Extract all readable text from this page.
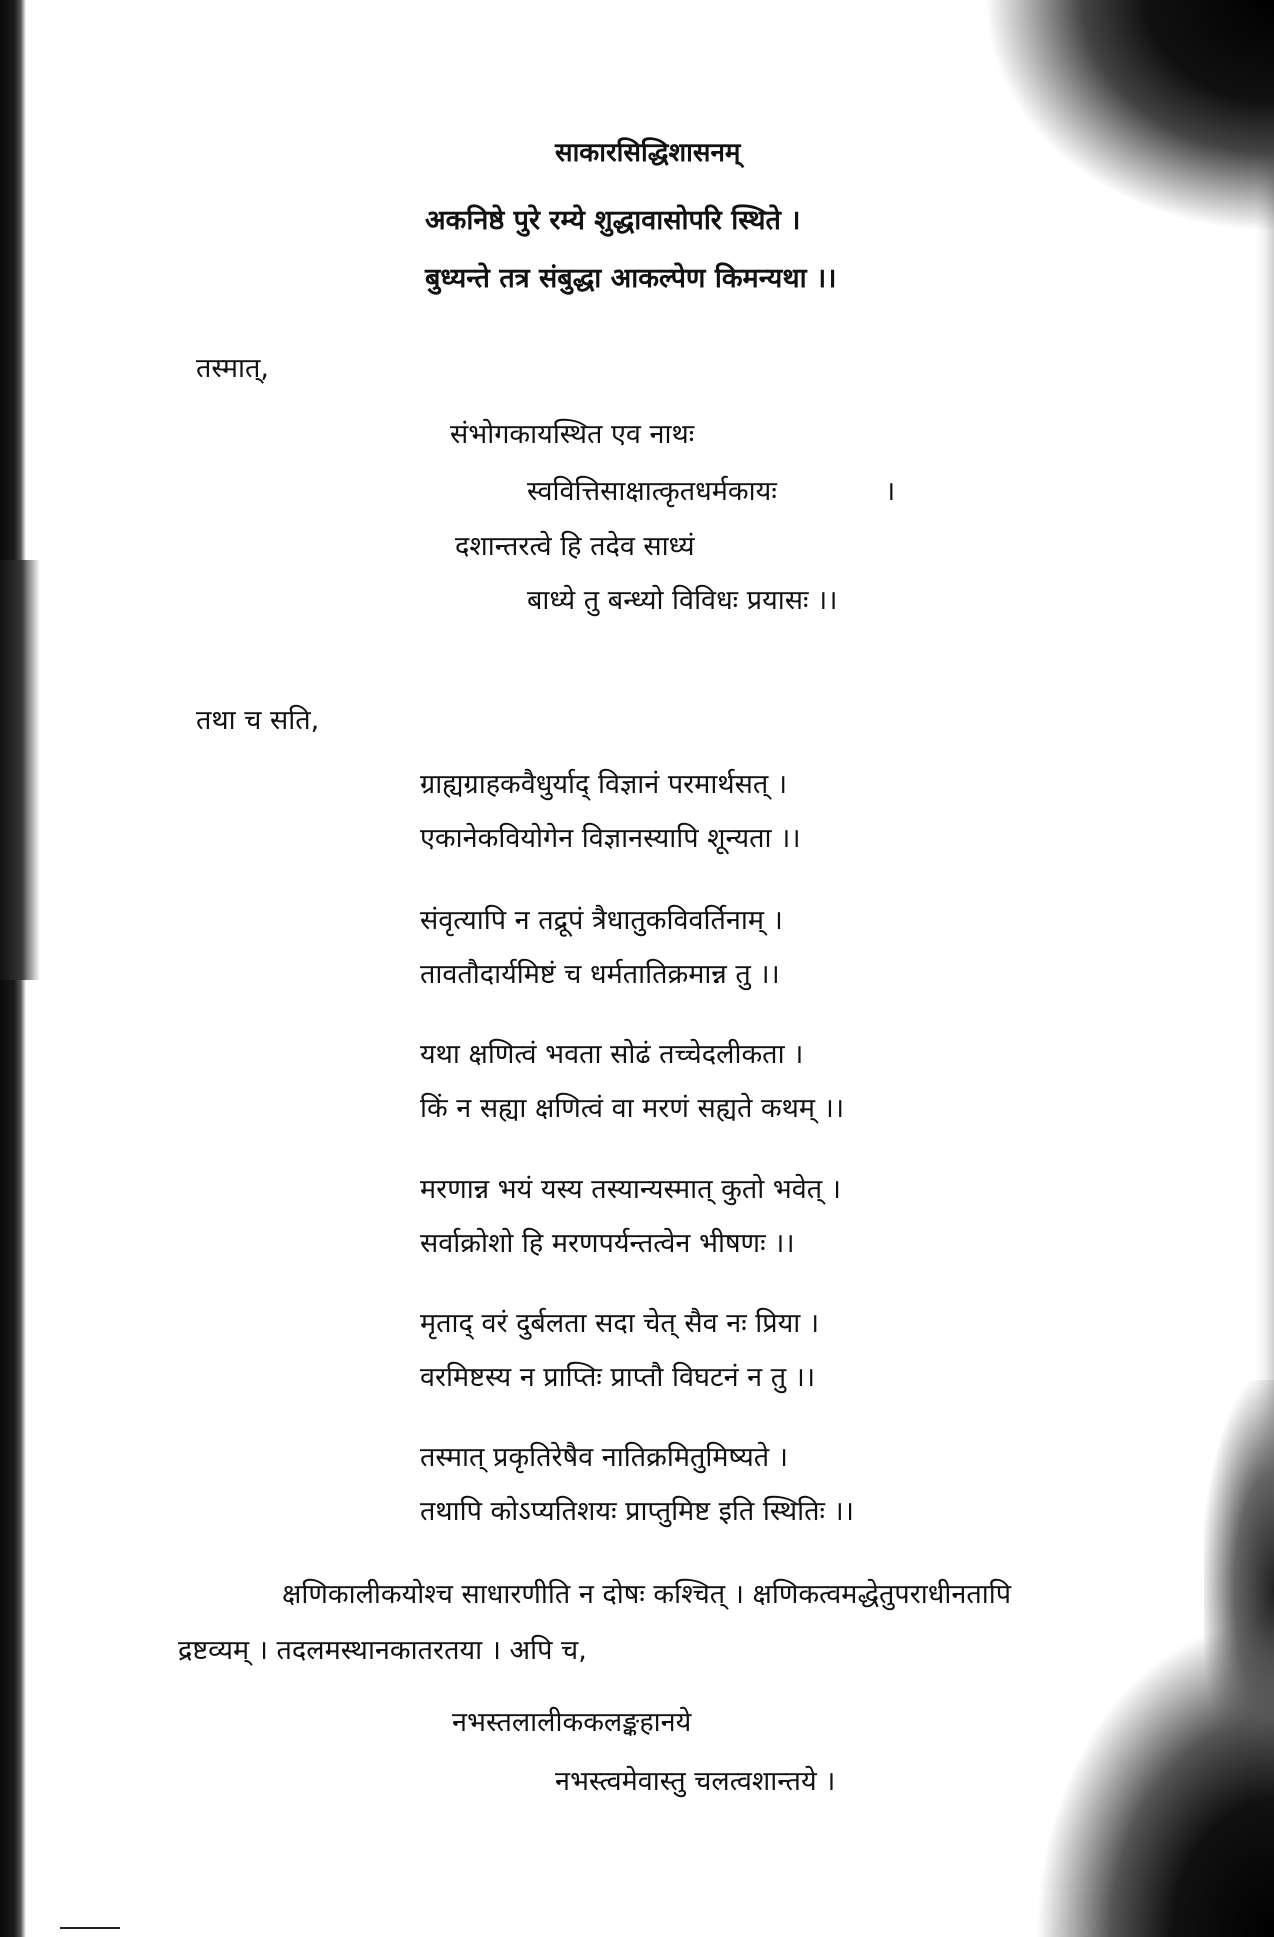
साकारसिद्धिशासनम्
अकनिष्ठे पुरे रम्ये शुद्धावासोपरि स्थिते ।
बुध्यन्ते तत्र संबुद्धा आकल्पेण किमन्यथा ।।
तस्मात्,
संभोगकायस्थित एव नाथः
स्ववित्तिसाक्षात्कृतधर्मकायः	।
दशान्तरत्वे हि तदेव साध्यं
बाध्ये तु बन्ध्यो विविधः प्रयासः ।।
तथा च सति,
ग्राह्यग्राहकवैधुर्याद् विज्ञानं परमार्थसत् ।
एकानेकवियोगेन विज्ञानस्यापि शून्यता ।।
संवृत्यापि न तद्रूपं त्रैधातुकविवर्तिनाम् ।
तावतौदार्यमिष्टं च धर्मतातिक्रमान्न तु ।।
यथा क्षणित्वं भवता सोढं तच्चेदलीकता ।
किं न सह्या क्षणित्वं वा मरणं सह्यते कथम् ।।
मरणान्न भयं यस्य तस्यान्यस्मात् कुतो भवेत् ।
सर्वाक्रोशो हि मरणपर्यन्तत्वेन भीषणः ।।
मृताद् वरं दुर्बलता सदा चेत् सैव नः प्रिया ।
वरमिष्टस्य न प्राप्तिः प्राप्तौ विघटनं न तु ।।
तस्मात् प्रकृतिरेषैव नातिक्रमितुमिष्यते ।
तथापि कोऽप्यतिशयः प्राप्तुमिष्ट इति स्थितिः ।।
क्षणिकालीकयोश्च साधारणीति न दोषः कश्चित् । क्षणिकत्वमद्धेतुपराधीनतापि
द्रष्टव्यम् । तदलमस्थानकातरतया । अपि च,
नभस्तलालीककलङ्कहानये
नभस्त्वमेवास्तु चलत्वशान्तये ।
